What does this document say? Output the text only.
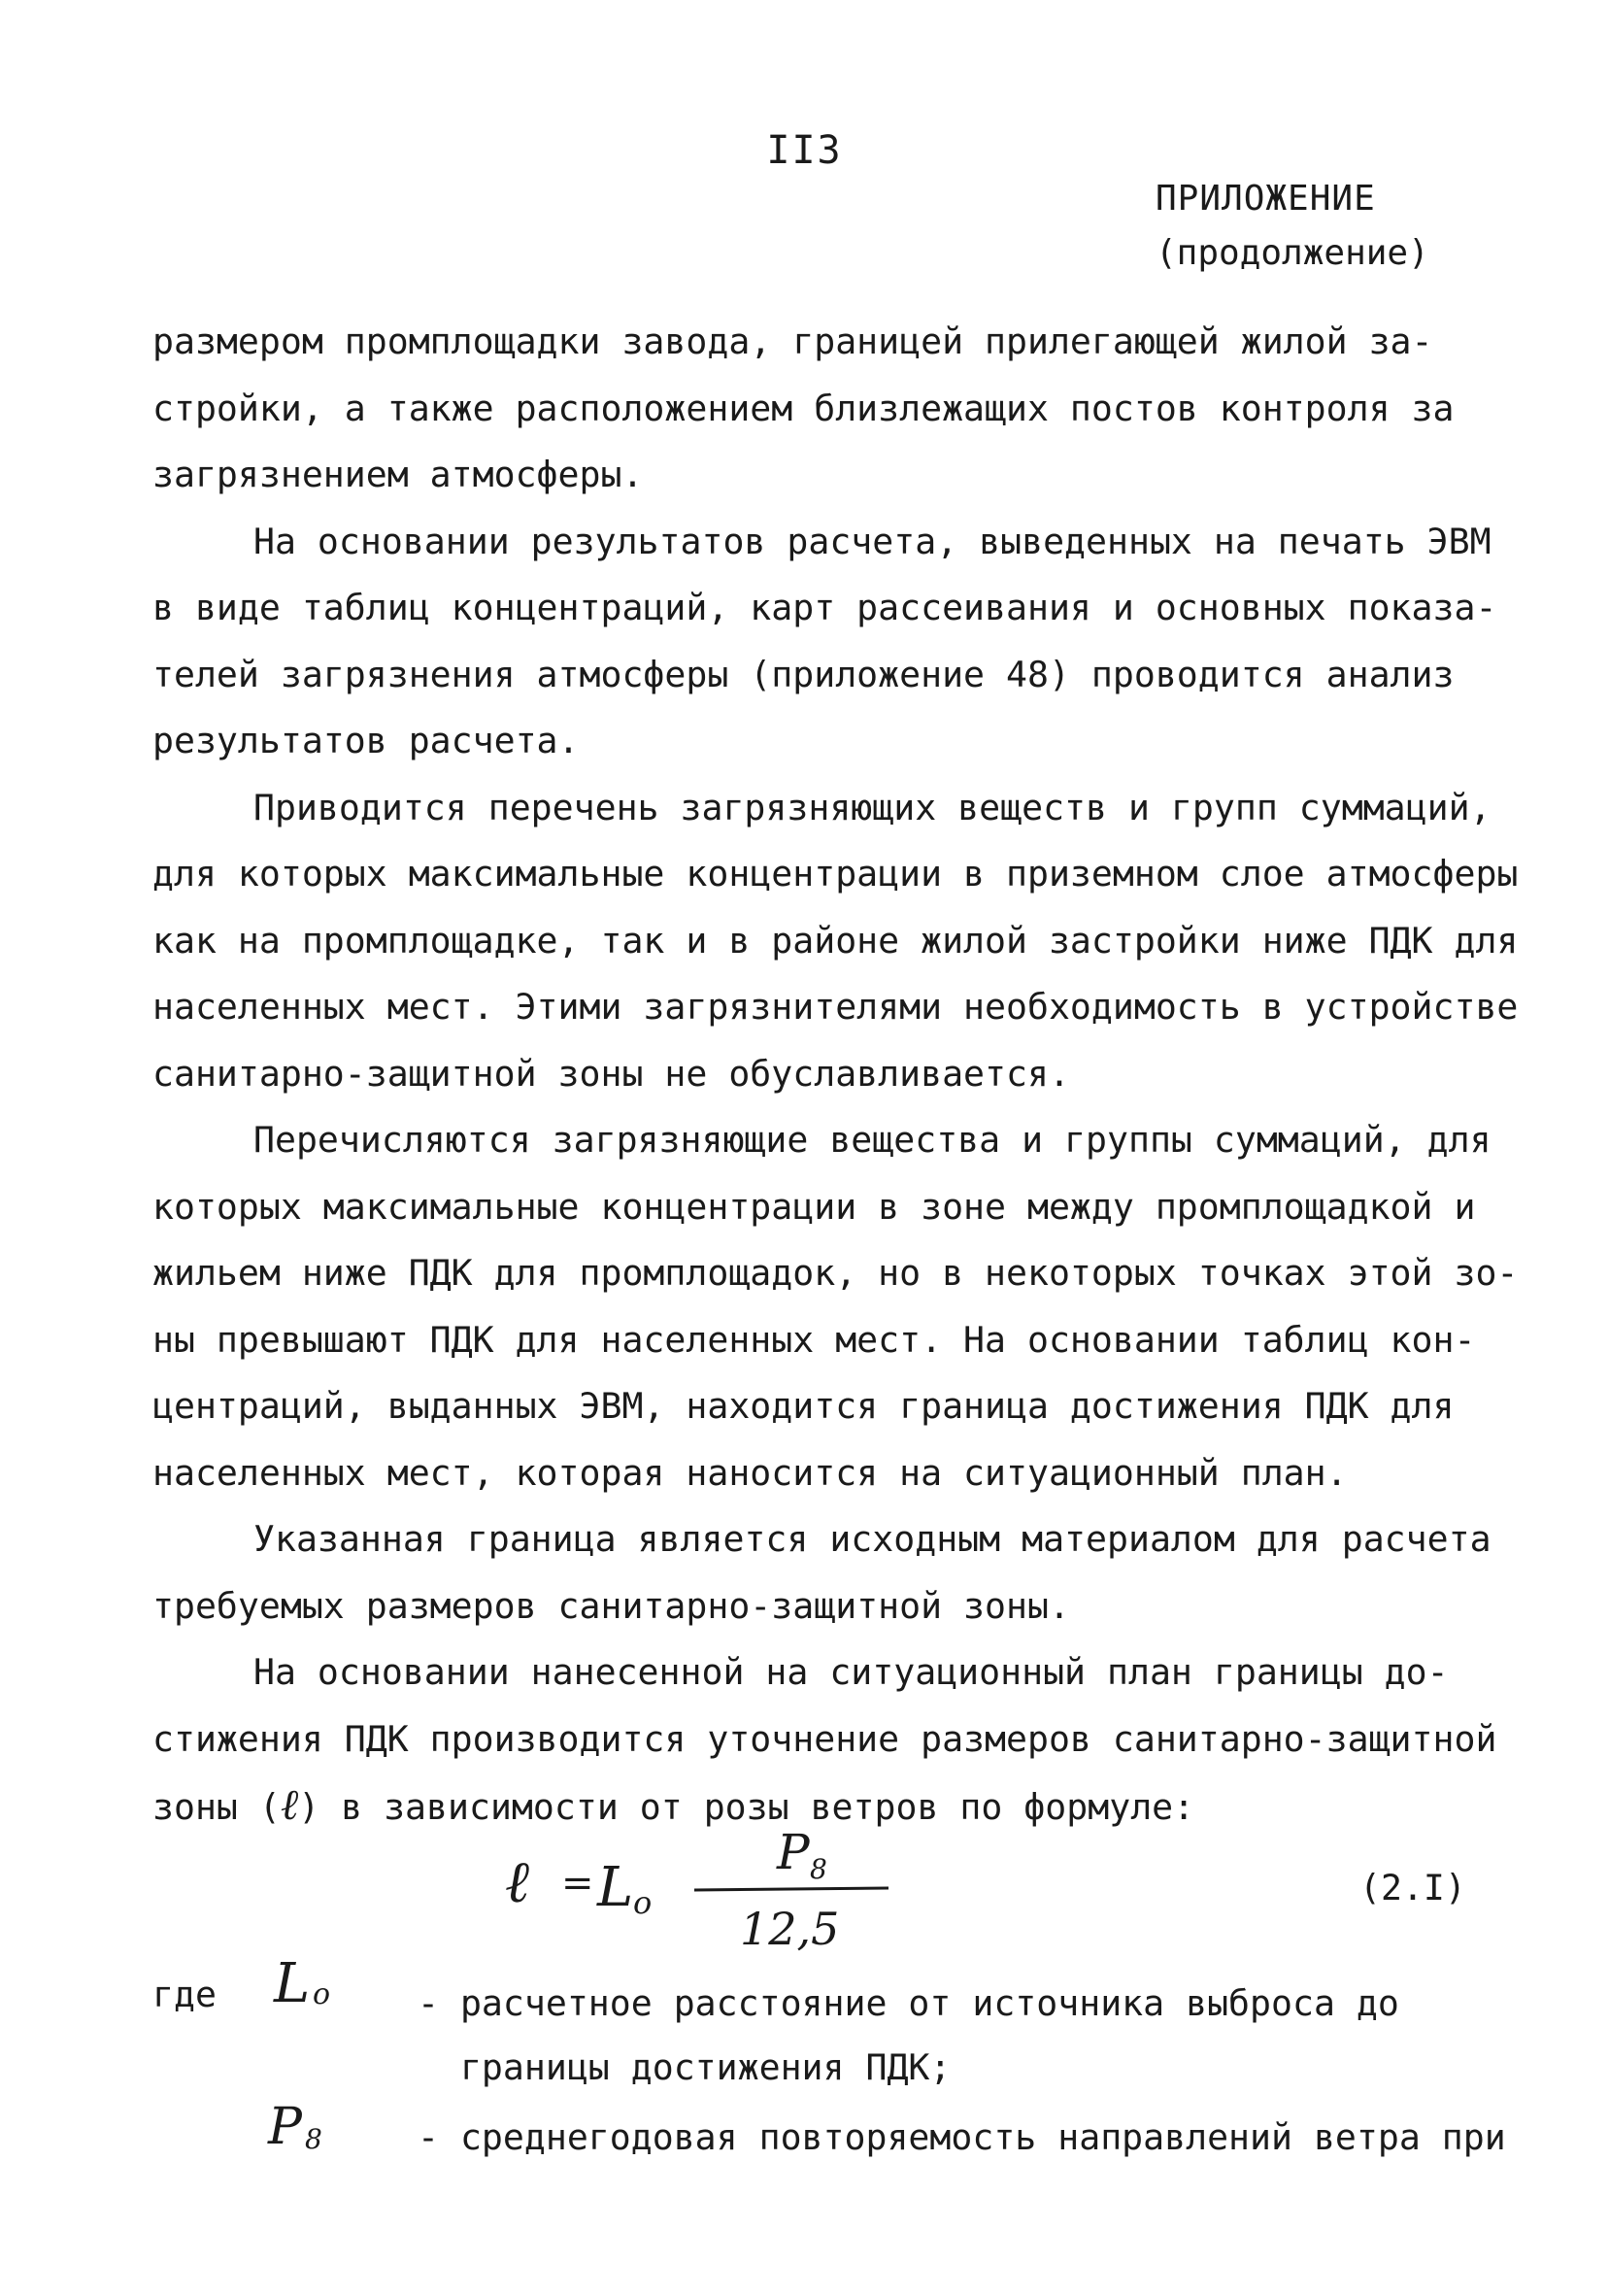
II3
ПРИЛОЖЕНИЕ
(продолжение)
размером промплощадки завода, границей прилегающей жилой за-
стройки, а также расположением близлежащих постов контроля за
загрязнением атмосферы.
На основании результатов расчета, выведенных на печать ЭВМ
в виде таблиц концентраций, карт рассеивания и основных показа-
телей загрязнения атмосферы (приложение 48) проводится анализ
результатов расчета.
Приводится перечень загрязняющих веществ и групп суммаций,
для которых максимальные концентрации в приземном слое атмосферы
как на промплощадке, так и в районе жилой застройки ниже ПДК для
населенных мест. Этими загрязнителями необходимость в устройстве
санитарно-защитной зоны не обуславливается.
Перечисляются загрязняющие вещества и группы суммаций, для
которых максимальные концентрации в зоне между промплощадкой и
жильем ниже ПДК для промплощадок, но в некоторых точках этой зо-
ны превышают ПДК для населенных мест. На основании таблиц кон-
центраций, выданных ЭВМ, находится граница достижения ПДК для
населенных мест, которая наносится на ситуационный план.
Указанная граница является исходным материалом для расчета
требуемых размеров санитарно-защитной зоны.
На основании нанесенной на ситуационный план границы до-
стижения ПДК производится уточнение размеров санитарно-защитной
зоны (ℓ) в зависимости от розы ветров по формуле:
ℓ = L o
P 8
12,5
(2.I)
где L o - расчетное расстояние от источника выброса до
границы достижения ПДК;
P 8	- среднегодовая повторяемость направлений ветра при
